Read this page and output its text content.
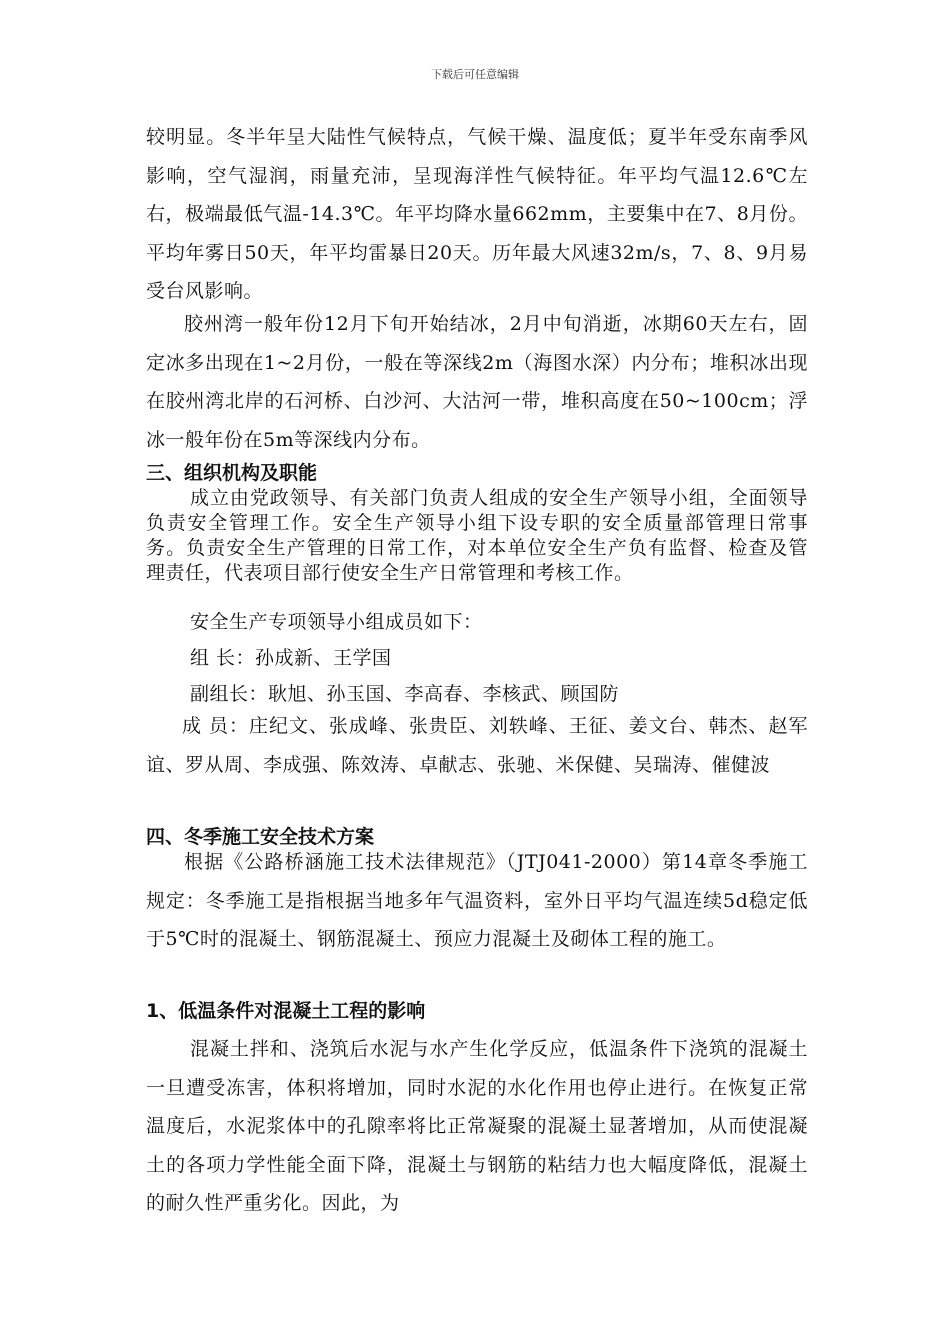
下载后可任意编辑

较明显。冬半年呈大陆性气候特点，气候干燥、温度低；夏半年受东南季风影响，空气湿润，雨量充沛，呈现海洋性气候特征。年平均气温12.6℃左右，极端最低气温-14.3℃。年平均降水量662mm，主要集中在7、8月份。平均年雾日50天，年平均雷暴日20天。历年最大风速32m/s，7、8、9月易受台风影响。

胶州湾一般年份12月下旬开始结冰，2月中旬消逝，冰期60天左右，固定冰多出现在1~2月份，一般在等深线2m（海图水深）内分布；堆积冰出现在胶州湾北岸的石河桥、白沙河、大沽河一带，堆积高度在50~100cm；浮冰一般年份在5m等深线内分布。

三、组织机构及职能

成立由党政领导、有关部门负责人组成的安全生产领导小组，全面领导负责安全管理工作。安全生产领导小组下设专职的安全质量部管理日常事务。负责安全生产管理的日常工作，对本单位安全生产负有监督、检查及管理责任，代表项目部行使安全生产日常管理和考核工作。

安全生产专项领导小组成员如下：

组 长：孙成新、王学国

副组长：耿旭、孙玉国、李高春、李核武、顾国防

成 员：庄纪文、张成峰、张贵臣、刘轶峰、王征、姜文台、韩杰、赵军谊、罗从周、李成强、陈效涛、卓献志、张驰、米保健、吴瑞涛、催健波

四、冬季施工安全技术方案

根据《公路桥涵施工技术法律规范》（JTJ041-2000）第14章冬季施工规定：冬季施工是指根据当地多年气温资料，室外日平均气温连续5d稳定低于5℃时的混凝土、钢筋混凝土、预应力混凝土及砌体工程的施工。

1、低温条件对混凝土工程的影响

混凝土拌和、浇筑后水泥与水产生化学反应，低温条件下浇筑的混凝土一旦遭受冻害，体积将增加，同时水泥的水化作用也停止进行。在恢复正常温度后，水泥浆体中的孔隙率将比正常凝聚的混凝土显著增加，从而使混凝土的各项力学性能全面下降，混凝土与钢筋的粘结力也大幅度降低，混凝土的耐久性严重劣化。因此，为
